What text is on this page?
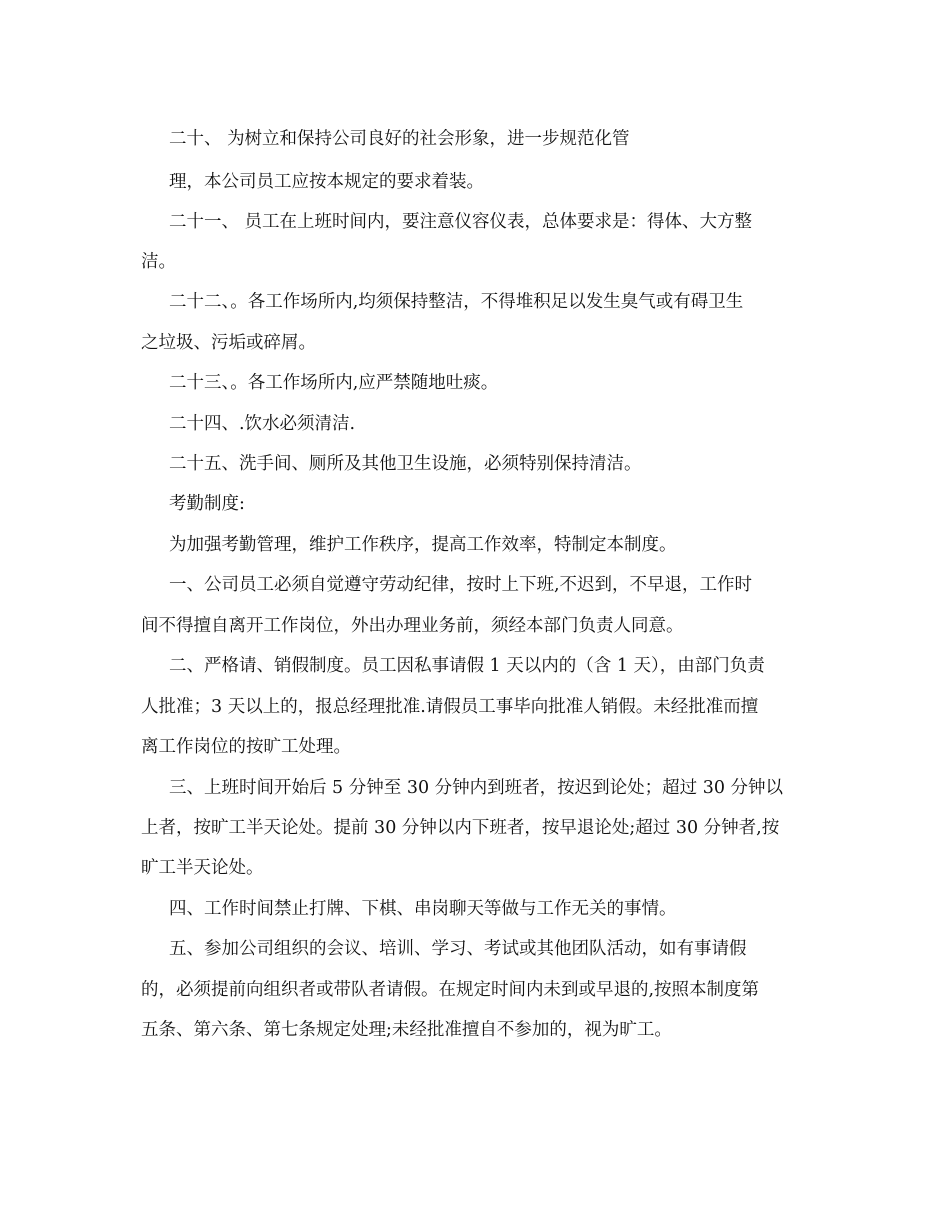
二十、 为树立和保持公司良好的社会形象，进一步规范化管
理，本公司员工应按本规定的要求着装。
二十一、 员工在上班时间内，要注意仪容仪表，总体要求是：得体、大方整
洁。
二十二、。各工作场所内,均须保持整洁，不得堆积足以发生臭气或有碍卫生
之垃圾、污垢或碎屑。
二十三、。各工作场所内,应严禁随地吐痰。
二十四、.饮水必须清洁.
二十五、洗手间、厕所及其他卫生设施，必须特别保持清洁。
考勤制度:
为加强考勤管理，维护工作秩序，提高工作效率，特制定本制度。
一、公司员工必须自觉遵守劳动纪律，按时上下班,不迟到，不早退，工作时
间不得擅自离开工作岗位，外出办理业务前，须经本部门负责人同意。
二、严格请、销假制度。员工因私事请假 1 天以内的（含 1 天），由部门负责
人批准；3 天以上的，报总经理批准.请假员工事毕向批准人销假。未经批准而擅
离工作岗位的按旷工处理。
三、上班时间开始后 5 分钟至 30 分钟内到班者，按迟到论处；超过 30 分钟以
上者，按旷工半天论处。提前 30 分钟以内下班者，按早退论处;超过 30 分钟者,按
旷工半天论处。
四、工作时间禁止打牌、下棋、串岗聊天等做与工作无关的事情。
五、参加公司组织的会议、培训、学习、考试或其他团队活动，如有事请假
的，必须提前向组织者或带队者请假。在规定时间内未到或早退的,按照本制度第
五条、第六条、第七条规定处理;未经批准擅自不参加的，视为旷工。
